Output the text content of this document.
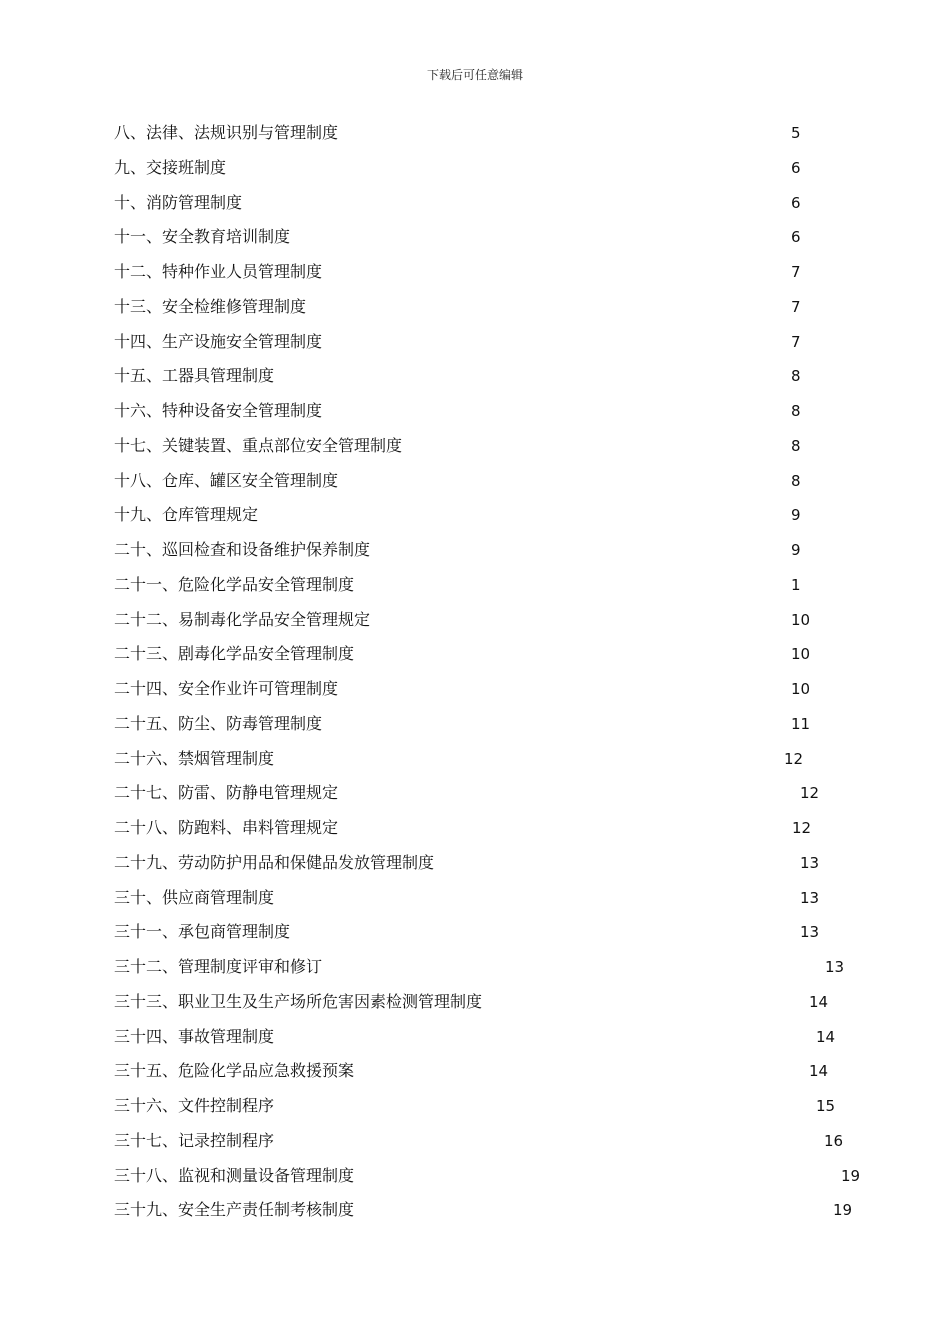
下载后可任意编辑
八、法律、法规识别与管理制度	5
九、交接班制度	6
十、消防管理制度	6
十一、安全教育培训制度	6
十二、特种作业人员管理制度	7
十三、安全检维修管理制度	7
十四、生产设施安全管理制度	7
十五、工器具管理制度	8
十六、特种设备安全管理制度	8
十七、关键装置、重点部位安全管理制度	8
十八、仓库、罐区安全管理制度	8
十九、仓库管理规定	9
二十、巡回检查和设备维护保养制度	9
二十一、危险化学品安全管理制度	1
二十二、易制毒化学品安全管理规定	10
二十三、剧毒化学品安全管理制度	10
二十四、安全作业许可管理制度	10
二十五、防尘、防毒管理制度	11
二十六、禁烟管理制度	12
二十七、防雷、防静电管理规定	12
二十八、防跑料、串料管理规定	12
二十九、劳动防护用品和保健品发放管理制度	13
三十、供应商管理制度	13
三十一、承包商管理制度	13
三十二、管理制度评审和修订	13
三十三、职业卫生及生产场所危害因素检测管理制度	14
三十四、事故管理制度	14
三十五、危险化学品应急救援预案	14
三十六、文件控制程序	15
三十七、记录控制程序	16
三十八、监视和测量设备管理制度	19
三十九、安全生产责任制考核制度	19
